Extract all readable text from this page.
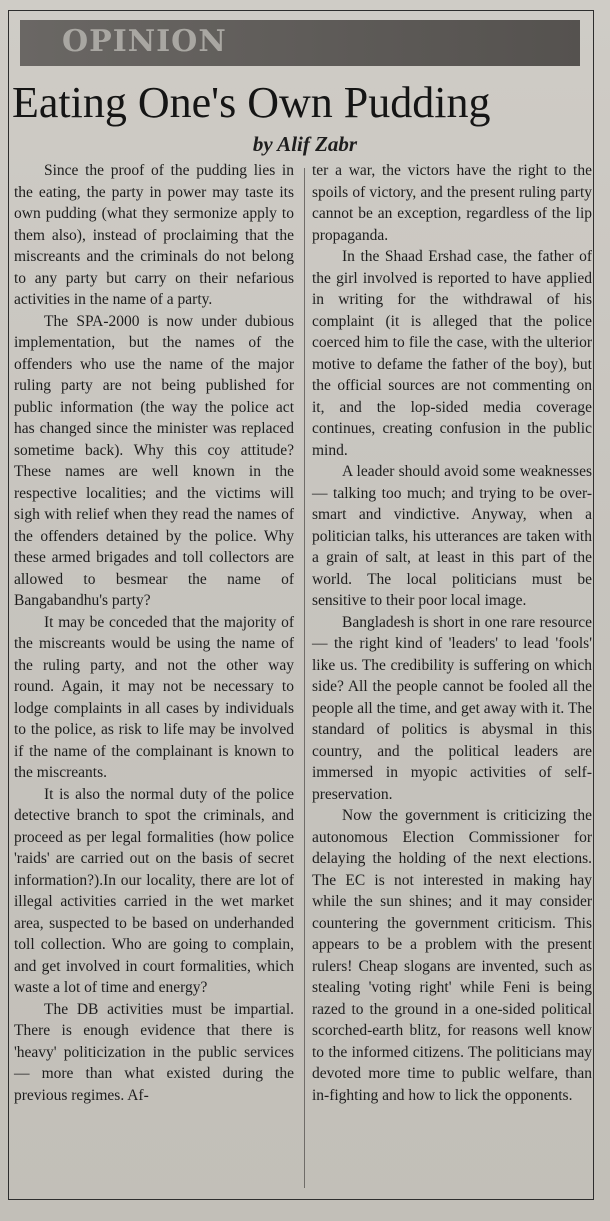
OPINION
Eating One's Own Pudding
by Alif Zabr

Since the proof of the pudding lies in the eating, the party in power may taste its own pudding (what they sermonize apply to them also), instead of proclaiming that the miscreants and the criminals do not belong to any party but carry on their nefarious activities in the name of a party.

The SPA-2000 is now under dubious implementation, but the names of the offenders who use the name of the major ruling party are not being published for public information (the way the police act has changed since the minister was replaced sometime back). Why this coy attitude? These names are well known in the respective localities; and the victims will sigh with relief when they read the names of the offenders detained by the police. Why these armed brigades and toll collectors are allowed to besmear the name of Bangabandhu's party?

It may be conceded that the majority of the miscreants would be using the name of the ruling party, and not the other way round. Again, it may not be necessary to lodge complaints in all cases by individuals to the police, as risk to life may be involved if the name of the complainant is known to the miscreants.

It is also the normal duty of the police detective branch to spot the criminals, and proceed as per legal formalities (how police 'raids' are carried out on the basis of secret information?).In our locality, there are lot of illegal activities carried in the wet market area, suspected to be based on underhanded toll collection. Who are going to complain, and get involved in court formalities, which waste a lot of time and energy?

The DB activities must be impartial. There is enough evidence that there is 'heavy' politicization in the public services — more than what existed during the previous regimes. Af-

ter a war, the victors have the right to the spoils of victory, and the present ruling party cannot be an exception, regardless of the lip propaganda.

In the Shaad Ershad case, the father of the girl involved is reported to have applied in writing for the withdrawal of his complaint (it is alleged that the police coerced him to file the case, with the ulterior motive to defame the father of the boy), but the official sources are not commenting on it, and the lop-sided media coverage continues, creating confusion in the public mind.

A leader should avoid some weaknesses — talking too much; and trying to be over-smart and vindictive. Anyway, when a politician talks, his utterances are taken with a grain of salt, at least in this part of the world. The local politicians must be sensitive to their poor local image.

Bangladesh is short in one rare resource — the right kind of 'leaders' to lead 'fools' like us. The credibility is suffering on which side? All the people cannot be fooled all the people all the time, and get away with it. The standard of politics is abysmal in this country, and the political leaders are immersed in myopic activities of self-preservation.

Now the government is criticizing the autonomous Election Commissioner for delaying the holding of the next elections. The EC is not interested in making hay while the sun shines; and it may consider countering the government criticism. This appears to be a problem with the present rulers! Cheap slogans are invented, such as stealing 'voting right' while Feni is being razed to the ground in a one-sided political scorched-earth blitz, for reasons well know to the informed citizens. The politicians may devoted more time to public welfare, than in-fighting and how to lick the opponents.
